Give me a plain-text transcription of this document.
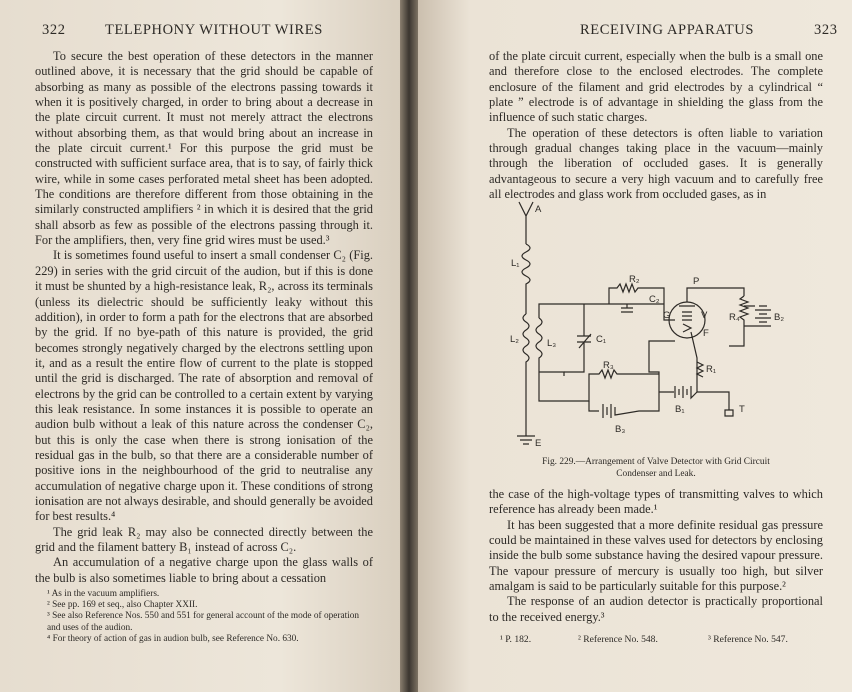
322	TELEPHONY WITHOUT WIRES

To secure the best operation of these detectors in the manner outlined above, it is necessary that the grid should be capable of absorbing as many as possible of the electrons passing towards it when it is positively charged, in order to bring about a decrease in the plate circuit current. It must not merely attract the electrons without absorbing them, as that would bring about an increase in the plate circuit current.¹ For this purpose the grid must be constructed with sufficient surface area, that is to say, of fairly thick wire, while in some cases perforated metal sheet has been adopted. The conditions are therefore different from those obtaining in the similarly constructed amplifiers ² in which it is desired that the grid shall absorb as few as possible of the electrons passing through it. For the amplifiers, then, very fine grid wires must be used.³

It is sometimes found useful to insert a small condenser C₂ (Fig. 229) in series with the grid circuit of the audion, but if this is done it must be shunted by a high-resistance leak, R₂, across its terminals (unless its dielectric should be sufficiently leaky without this addition), in order to form a path for the electrons that are absorbed by the grid. If no bye-path of this nature is provided, the grid becomes strongly negatively charged by the electrons settling upon it, and as a result the entire flow of current to the plate is stopped until the grid is discharged. The rate of absorption and removal of electrons by the grid can be controlled to a certain extent by varying this leak resistance. In some instances it is possible to operate an audion bulb without a leak of this nature across the condenser C₂, but this is only the case when there is strong ionisation of the residual gas in the bulb, so that there are a considerable number of positive ions in the neighbourhood of the grid to neutralise any accumulation of negative charge upon it. These conditions of strong ionisation are not always desirable, and should generally be avoided for best results.⁴

The grid leak R₂ may also be connected directly between the grid and the filament battery B₁ instead of across C₂.

An accumulation of a negative charge upon the glass walls of the bulb is also sometimes liable to bring about a cessation

¹ As in the vacuum amplifiers.
² See pp. 169 et seq., also Chapter XXII.
³ See also Reference Nos. 550 and 551 for general account of the mode of operation and uses of the audion.
⁴ For theory of action of gas in audion bulb, see Reference No. 630.
RECEIVING APPARATUS	323

of the plate circuit current, especially when the bulb is a small one and therefore close to the enclosed electrodes. The complete enclosure of the filament and grid electrodes by a cylindrical “ plate ” electrode is of advantage in shielding the glass from the influence of such static charges.

The operation of these detectors is often liable to variation through gradual changes taking place in the vacuum—mainly through the liberation of occluded gases. It is generally advantageous to secure a very high vacuum and to carefully free all electrodes and glass work from occluded gases, as in

Fig. 229.—Arrangement of Valve Detector with Grid Circuit
Condenser and Leak.

the case of the high-voltage types of transmitting valves to which reference has already been made.¹

It has been suggested that a more definite residual gas pressure could be maintained in these valves used for detectors by enclosing inside the bulb some substance having the desired vapour pressure. The vapour pressure of mercury is usually too high, but silver amalgam is said to be particularly suitable for this purpose.²

The response of an audion detector is practically proportional to the received energy.³

¹ P. 182.	² Reference No. 548.	³ Reference No. 547.
A
L₁
L₂	L₃
R₂
C₂
C₁
G	V
F
P
R₃	R₁
R₄
B₁
B₂
B₃
T
E
